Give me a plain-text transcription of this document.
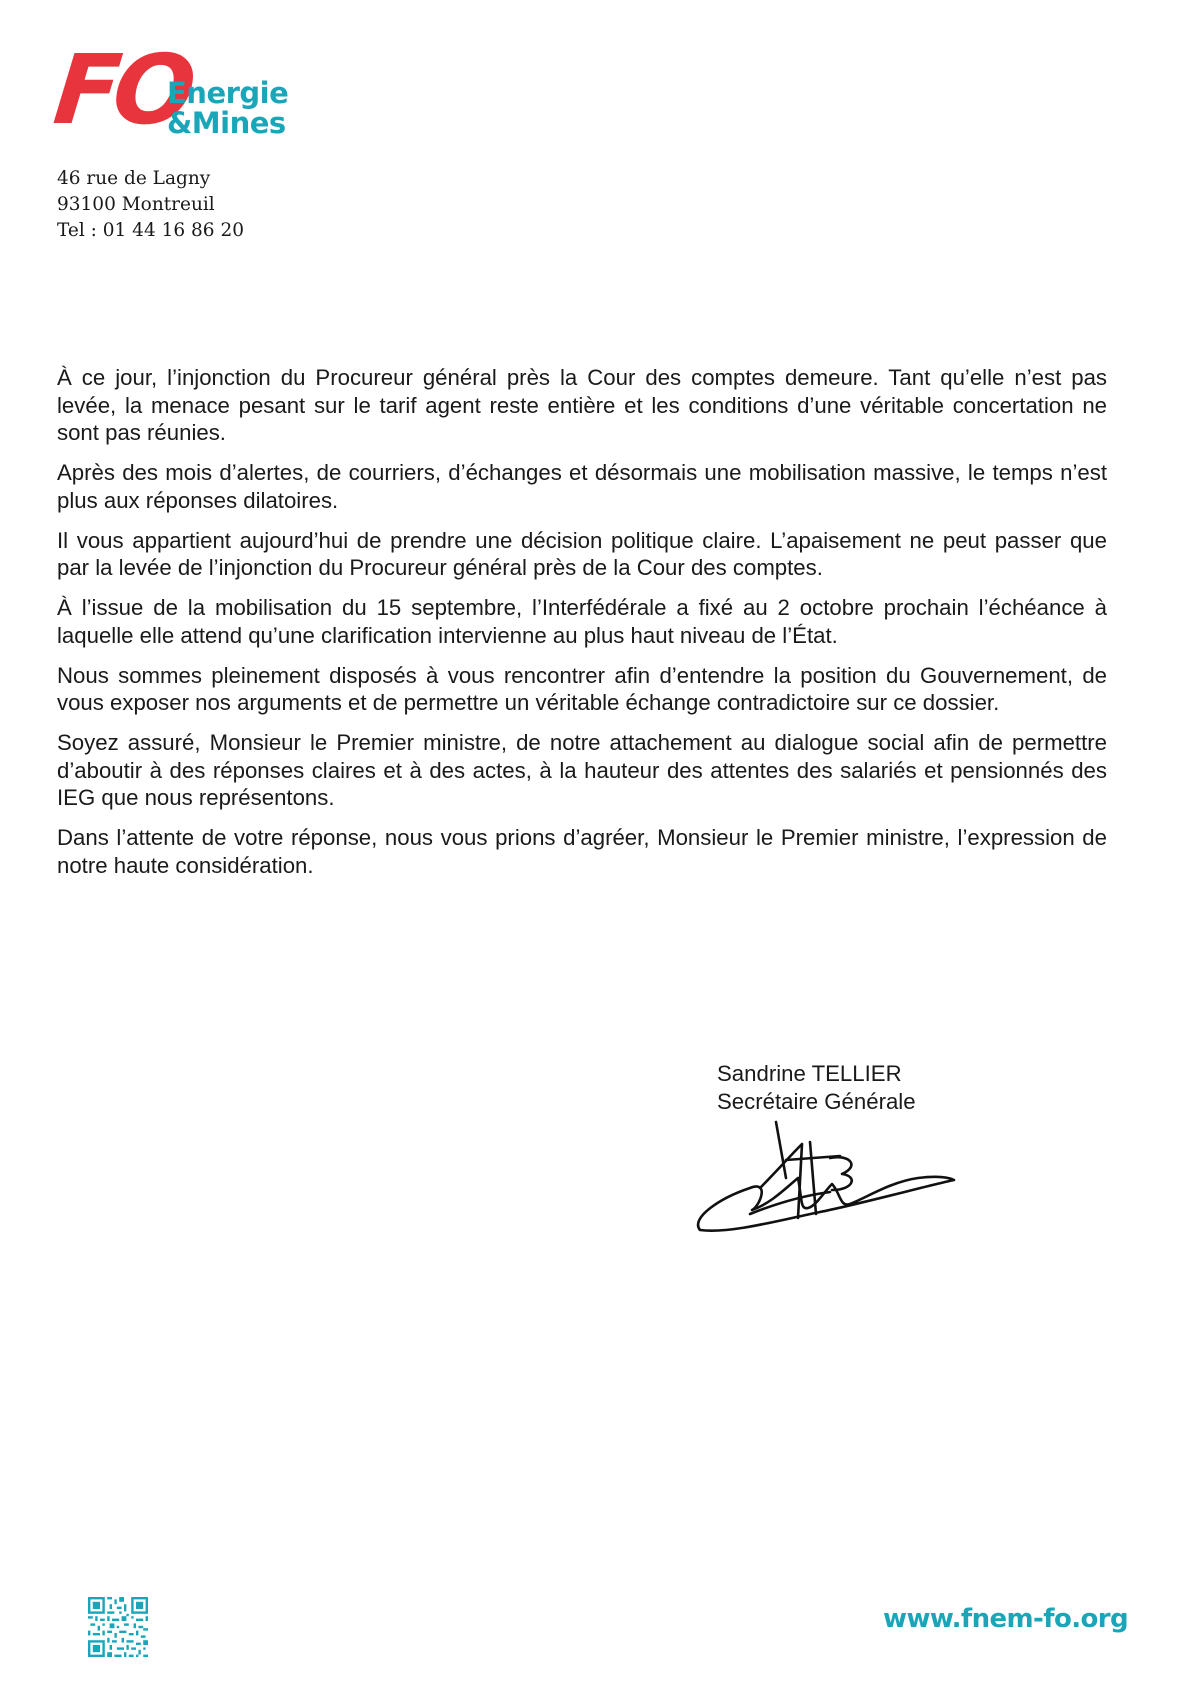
FO
Energie
&Mines
46 rue de Lagny
93100 Montreuil
Tel : 01 44 16 86 20

À ce jour, l’injonction du Procureur général près la Cour des comptes demeure. Tant qu’elle n’est pas levée, la menace pesant sur le tarif agent reste entière et les conditions d’une véritable concertation ne sont pas réunies.

Après des mois d’alertes, de courriers, d’échanges et désormais une mobilisation massive, le temps n’est plus aux réponses dilatoires.

Il vous appartient aujourd’hui de prendre une décision politique claire. L’apaisement ne peut passer que par la levée de l’injonction du Procureur général près de la Cour des comptes.

À l’issue de la mobilisation du 15 septembre, l’Interfédérale a fixé au 2 octobre prochain l’échéance à laquelle elle attend qu’une clarification intervienne au plus haut niveau de l’État.

Nous sommes pleinement disposés à vous rencontrer afin d’entendre la position du Gouvernement, de vous exposer nos arguments et de permettre un véritable échange contradictoire sur ce dossier.

Soyez assuré, Monsieur le Premier ministre, de notre attachement au dialogue social afin de permettre d’aboutir à des réponses claires et à des actes, à la hauteur des attentes des salariés et pensionnés des IEG que nous représentons.

Dans l’attente de votre réponse, nous vous prions d’agréer, Monsieur le Premier ministre, l’expression de notre haute considération.

Sandrine TELLIER
Secrétaire Générale
www.fnem-fo.org
